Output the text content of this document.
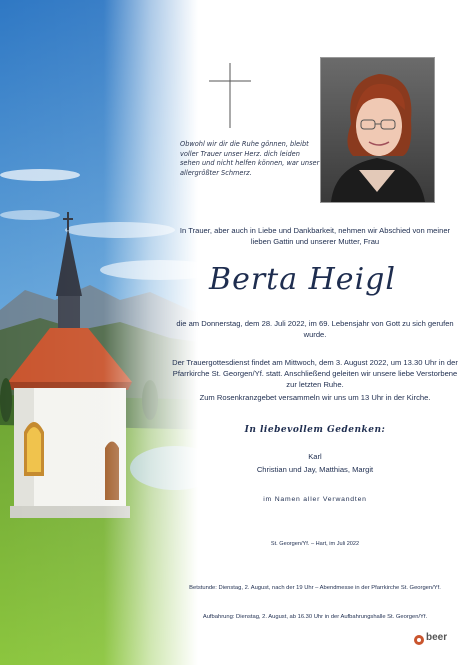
Obwohl wir dir die Ruhe gönnen, bleibt voller Trauer unser Herz. dich leiden sehen und nicht helfen können, war unser allergrößter Schmerz.
In Trauer, aber auch in Liebe und Dankbarkeit, nehmen wir Abschied von meiner lieben Gattin und unserer Mutter, Frau
Berta Heigl
die am Donnerstag, dem 28. Juli 2022, im 69. Lebensjahr von Gott zu sich gerufen wurde.
Der Trauergottesdienst findet am Mittwoch, dem 3. August 2022, um 13.30 Uhr in der Pfarrkirche St. Georgen/Yf. statt. Anschließend geleiten wir unsere liebe Verstorbene zur letzten Ruhe.
Zum Rosenkranzgebet versammeln wir uns um 13 Uhr in der Kirche.
In liebevollem Gedenken:
Karl
Christian und Jay, Matthias, Margit
im Namen aller Verwandten
St. Georgen/Yf. – Hart, im Juli 2022
Betstunde: Dienstag, 2. August, nach der 19 Uhr – Abendmesse in der Pfarrkirche St. Georgen/Yf.
Aufbahrung: Dienstag, 2. August, ab 16.30 Uhr in der Aufbahrungshalle St. Georgen/Yf.
beer
